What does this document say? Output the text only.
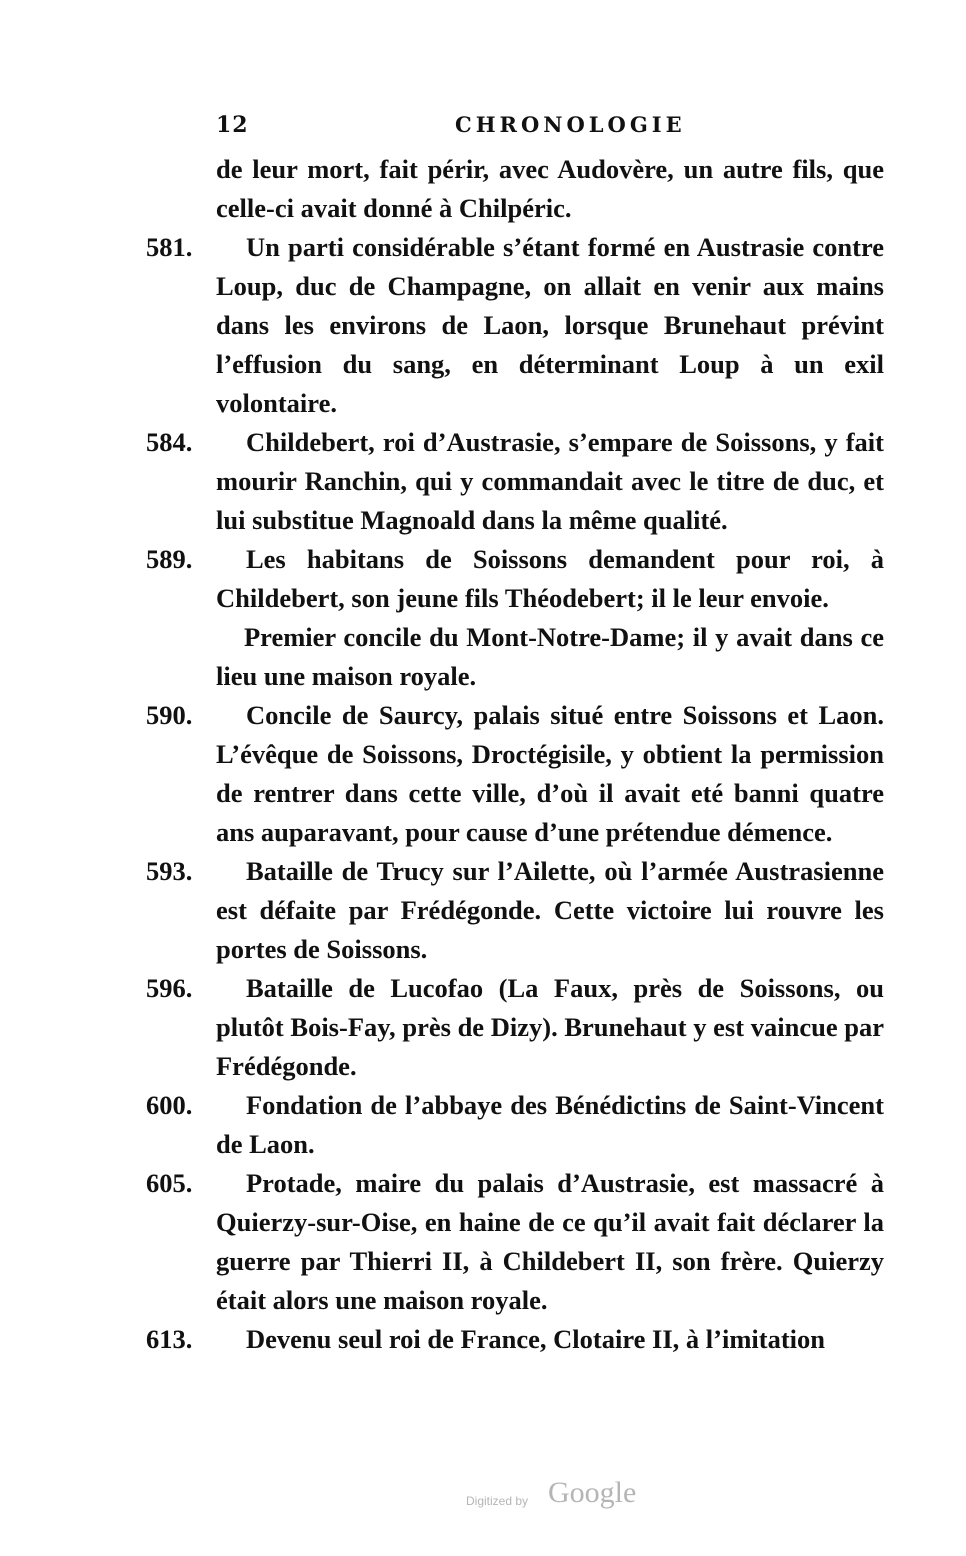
12	CHRONOLOGIE
de leur mort, fait périr, avec Audovère, un autre fils, que celle-ci avait donné à Chilpéric.
581.	Un parti considérable s’étant formé en Austrasie contre Loup, duc de Champagne, on allait en venir aux mains dans les environs de Laon, lorsque Brunehaut prévint l’effusion du sang, en déterminant Loup à un exil volontaire.
584.	Childebert, roi d’Austrasie, s’empare de Soissons, y fait mourir Ranchin, qui y commandait avec le titre de duc, et lui substitue Magnoald dans la même qualité.
589.	Les habitans de Soissons demandent pour roi, à Childebert, son jeune fils Théodebert; il le leur envoie.
Premier concile du Mont-Notre-Dame; il y avait dans ce lieu une maison royale.
590.	Concile de Saurcy, palais situé entre Soissons et Laon. L’évêque de Soissons, Droctégisile, y obtient la permission de rentrer dans cette ville, d’où il avait eté banni quatre ans auparavant, pour cause d’une prétendue démence.
593.	Bataille de Trucy sur l’Ailette, où l’armée Austrasienne est défaite par Frédégonde. Cette victoire lui rouvre les portes de Soissons.
596.	Bataille de Lucofao (La Faux, près de Soissons, ou plutôt Bois-Fay, près de Dizy). Brunehaut y est vaincue par Frédégonde.
600.	Fondation de l’abbaye des Bénédictins de Saint-Vincent de Laon.
605.	Protade, maire du palais d’Austrasie, est massacré à Quierzy-sur-Oise, en haine de ce qu’il avait fait déclarer la guerre par Thierri II, à Childebert II, son frère. Quierzy était alors une maison royale.
613.	Devenu seul roi de France, Clotaire II, à l’imitation
Digitized by Google
